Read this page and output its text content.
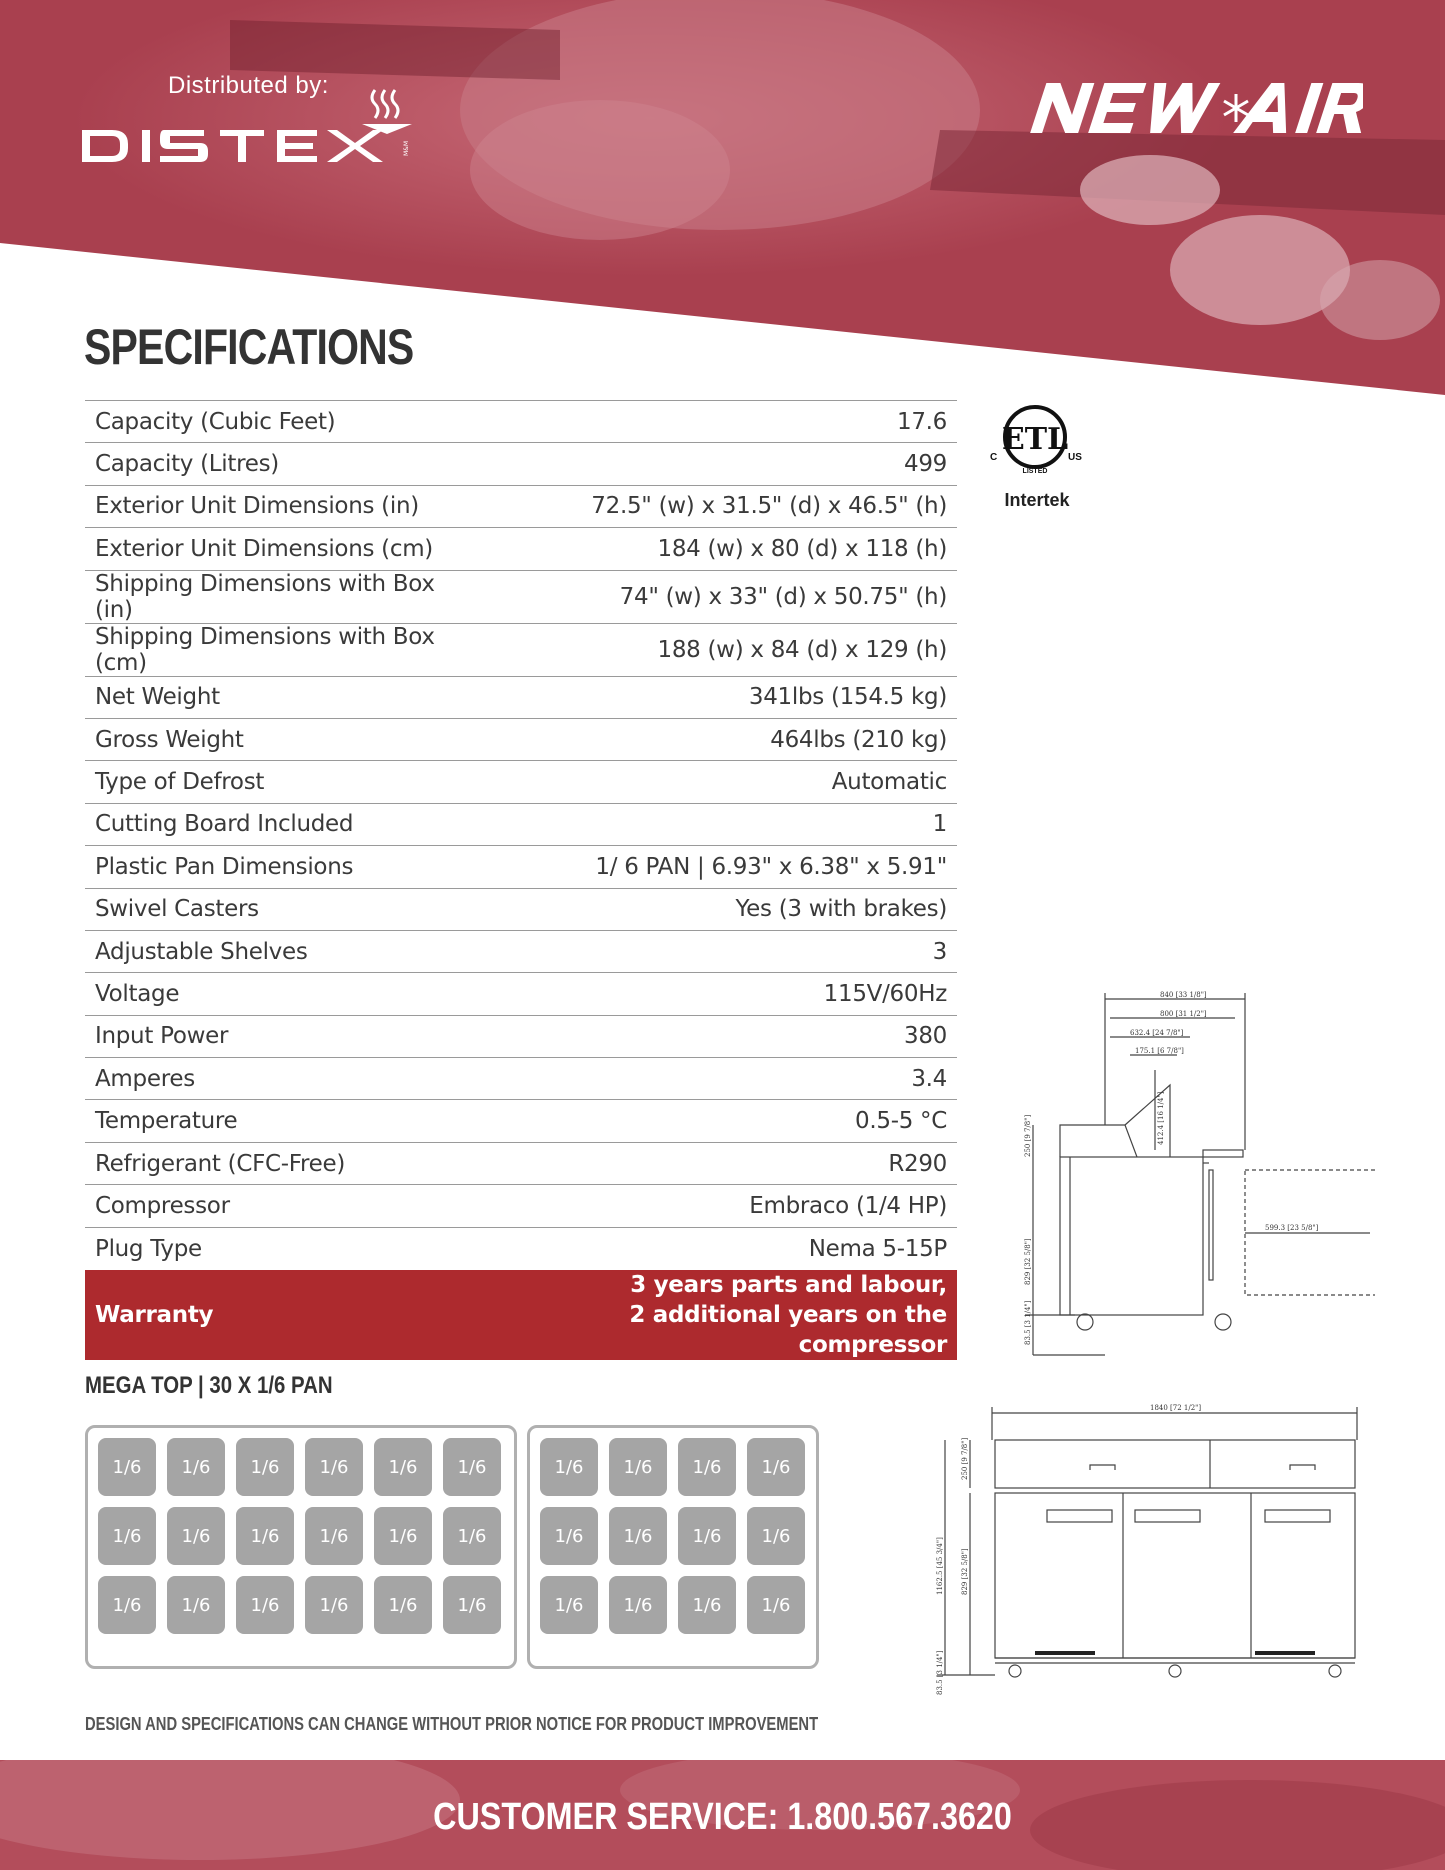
Distributed by:
M&M
SPECIFICATIONS
Capacity (Cubic Feet)	17.6
Capacity (Litres)	499
Exterior Unit Dimensions (in)	72.5" (w) x 31.5" (d) x 46.5" (h)
Exterior Unit Dimensions (cm)	184 (w) x 80 (d) x 118 (h)
Shipping Dimensions with Box (in)	74" (w) x 33" (d) x 50.75" (h)
Shipping Dimensions with Box (cm)	188 (w) x 84 (d) x 129 (h)
Net Weight	341lbs (154.5 kg)
Gross Weight	464lbs (210 kg)
Type of Defrost	Automatic
Cutting Board Included	1
Plastic Pan Dimensions	1/ 6 PAN | 6.93" x 6.38" x 5.91"
Swivel Casters	Yes (3 with brakes)
Adjustable Shelves	3
Voltage	115V/60Hz
Input Power	380
Amperes	3.4
Temperature	0.5-5 °C
Refrigerant (CFC-Free)	R290
Compressor	Embraco (1/4 HP)
Plug Type	Nema 5-15P
Warranty	3 years parts and labour,
2 additional years on the compressor
ETL
C	US
LISTED
Intertek
840 [33 1/8"]
800 [31 1/2"]
632.4 [24 7/8"]
175.1 [6 7/8"]
250 [9 7/8"]	412.4 [16 1/4"]
829 [32 5/8"]
83.5 [3 1/4"]
599.3 [23 5/8"]
1840 [72 1/2"]
250 [9 7/8"]
1162.5 [45 3/4"] 829 [32 5/8"]
83.5 [3 1/4"]
MEGA TOP | 30 X 1/6 PAN
1/6	1/6	1/6	1/6	1/6	1/6
1/6	1/6	1/6	1/6	1/6	1/6
1/6	1/6	1/6	1/6	1/6	1/6
1/6	1/6	1/6	1/6
1/6	1/6	1/6	1/6
1/6	1/6	1/6	1/6
DESIGN AND SPECIFICATIONS CAN CHANGE WITHOUT PRIOR NOTICE FOR PRODUCT IMPROVEMENT
CUSTOMER SERVICE: 1.800.567.3620
